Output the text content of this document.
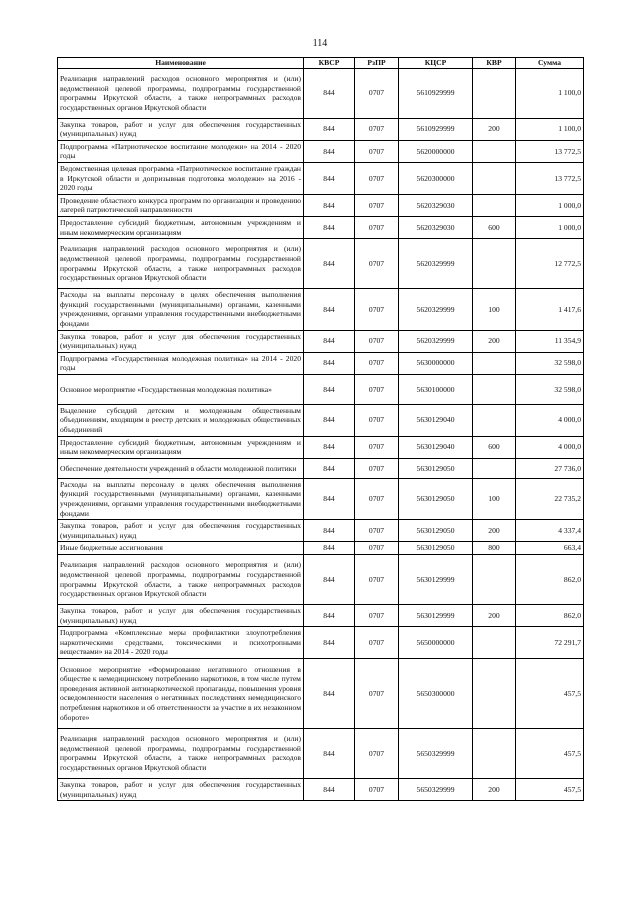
114
Наименование	КВСР	РзПР	КЦСР	КВР	Сумма
Реализация направлений расходов основного мероприятия и (или) ведомственной целевой программы, подпрограммы государственной программы Иркутской области, а также непрограммных расходов государственных органов Иркутской области	844	0707	5610929999		1 100,0
Закупка товаров, работ и услуг для обеспечения государственных (муниципальных) нужд	844	0707	5610929999	200	1 100,0
Подпрограмма «Патриотическое воспитание молодежи» на 2014 - 2020 годы	844	0707	5620000000		13 772,5
Ведомственная целевая программа «Патриотическое воспитание граждан в Иркутской области и допризывная подготовка молодежи» на 2016 - 2020 годы	844	0707	5620300000		13 772,5
Проведение областного конкурса программ по организации и проведению лагерей патриотической направленности	844	0707	5620329030		1 000,0
Предоставление субсидий бюджетным, автономным учреждениям и иным некоммерческим организациям	844	0707	5620329030	600	1 000,0
Реализация направлений расходов основного мероприятия и (или) ведомственной целевой программы, подпрограммы государственной программы Иркутской области, а также непрограммных расходов государственных органов Иркутской области	844	0707	5620329999		12 772,5
Расходы на выплаты персоналу в целях обеспечения выполнения функций государственными (муниципальными) органами, казенными учреждениями, органами управления государственными внебюджетными фондами	844	0707	5620329999	100	1 417,6
Закупка товаров, работ и услуг для обеспечения государственных (муниципальных) нужд	844	0707	5620329999	200	11 354,9
Подпрограмма «Государственная молодежная политика» на 2014 - 2020 годы	844	0707	5630000000		32 598,0
Основное мероприятие «Государственная молодежная политика»	844	0707	5630100000		32 598,0
Выделение субсидий детским и молодежным общественным объединениям, входящим в реестр детских и молодежных общественных объединений	844	0707	5630129040		4 000,0
Предоставление субсидий бюджетным, автономным учреждениям и иным некоммерческим организациям	844	0707	5630129040	600	4 000,0
Обеспечение деятельности учреждений в области молодежной политики	844	0707	5630129050		27 736,0
Расходы на выплаты персоналу в целях обеспечения выполнения функций государственными (муниципальными) органами, казенными учреждениями, органами управления государственными внебюджетными фондами	844	0707	5630129050	100	22 735,2
Закупка товаров, работ и услуг для обеспечения государственных (муниципальных) нужд	844	0707	5630129050	200	4 337,4
Иные бюджетные ассигнования	844	0707	5630129050	800	663,4
Реализация направлений расходов основного мероприятия и (или) ведомственной целевой программы, подпрограммы государственной программы Иркутской области, а также непрограммных расходов государственных органов Иркутской области	844	0707	5630129999		862,0
Закупка товаров, работ и услуг для обеспечения государственных (муниципальных) нужд	844	0707	5630129999	200	862,0
Подпрограмма «Комплексные меры профилактики злоупотребления наркотическими средствами, токсическими и психотропными веществами» на 2014 - 2020 годы	844	0707	5650000000		72 291,7
Основное мероприятие «Формирование негативного отношения в обществе к немедицинскому потреблению наркотиков, в том числе путем проведения активной антинаркотической пропаганды, повышения уровня осведомленности населения о негативных последствиях немедицинского потребления наркотиков и об ответственности за участие в их незаконном обороте»	844	0707	5650300000		457,5
Реализация направлений расходов основного мероприятия и (или) ведомственной целевой программы, подпрограммы государственной программы Иркутской области, а также непрограммных расходов государственных органов Иркутской области	844	0707	5650329999		457,5
Закупка товаров, работ и услуг для обеспечения государственных (муниципальных) нужд	844	0707	5650329999	200	457,5
